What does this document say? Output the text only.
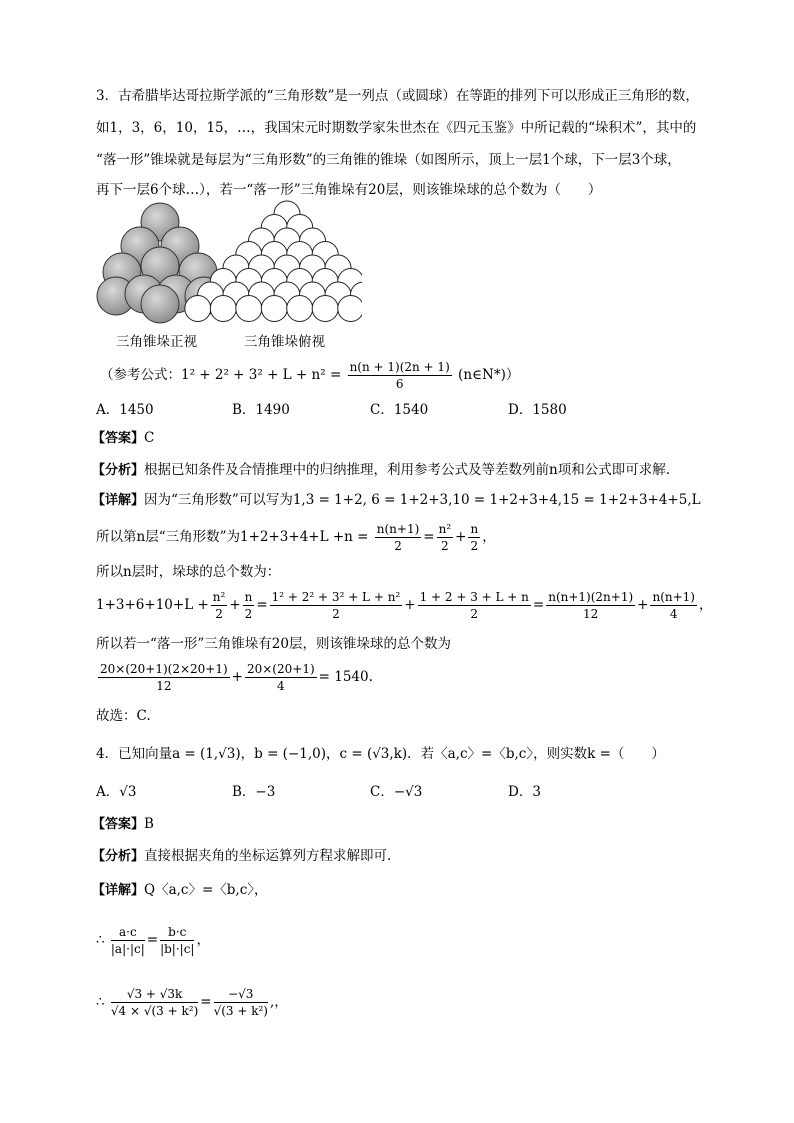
3．古希腊毕达哥拉斯学派的“三角形数”是一列点（或圆球）在等距的排列下可以形成正三角形的数，
如1，3，6，10，15，…，我国宋元时期数学家朱世杰在《四元玉鉴》中所记载的“垛积术”，其中的
“落一形”锥垛就是每层为“三角形数”的三角锥的锥垛（如图所示，顶上一层1个球，下一层3个球，
再下一层6个球…），若一“落一形”三角锥垛有20层，则该锥垛球的总个数为（　　）
三角锥垛正视	三角锥垛俯视
（参考公式：$1^2 + 2^2 + 3^2 + L + n^2 = \frac{n(n + 1)(2n + 1)}{6}$ (n∈N*)）
A．1450	B．1490	C．1540	D．1580
【答案】C
【分析】根据已知条件及合情推理中的归纳推理，利用参考公式及等差数列前n项和公式即可求解.
【详解】因为“三角形数”可以写为1,3 = 1+2, 6 = 1+2+3,10 = 1+2+3+4,15 = 1+2+3+4+5,L
所以第n层“三角形数”为$1+2+3+4+L +n = \frac{n(n+1)}{2} = \frac{\text{n²}}{2} + \frac{n}{2}$ ，
所以n层时，垛球的总个数为：
$1+3+6+10+L + \frac{\text{n²}}{2} + \frac{n}{2} = \frac{\text{1² + 2² + 3² + L + n²}}{2} + \frac{1 + 2 + 3 + L + n}{2} = \frac{n(n+1)(2n+1)}{12} + \frac{n(n+1)}{4}$ ，
所以若一“落一形”三角锥垛有20层，则该锥垛球的总个数为
$\frac{20\times(20+1)(2\times 20+1)}{12} + \frac{20\times(20+1)}{4} = 1540$.
故选：C.
4．已知向量a = (1,√3)，b = (−1,0)，c = (√3,k)．若〈a,c〉=〈b,c〉，则实数k =（　　）
A．√3	B．−3	C．−√3	D．3
【答案】B
【分析】直接根据夹角的坐标运算列方程求解即可.
【详解】Q〈a,c〉=〈b,c〉，
∴ $\frac{a\cdot c}{|a|\cdot|c|} = \frac{b\cdot c}{|b|\cdot|c|}$ ，
∴ $\frac{√3 + √3k}{\text{√4 × √(3 + k²)}} = \frac{-√3}{\text{√(3 + k²)}}$ ,，
